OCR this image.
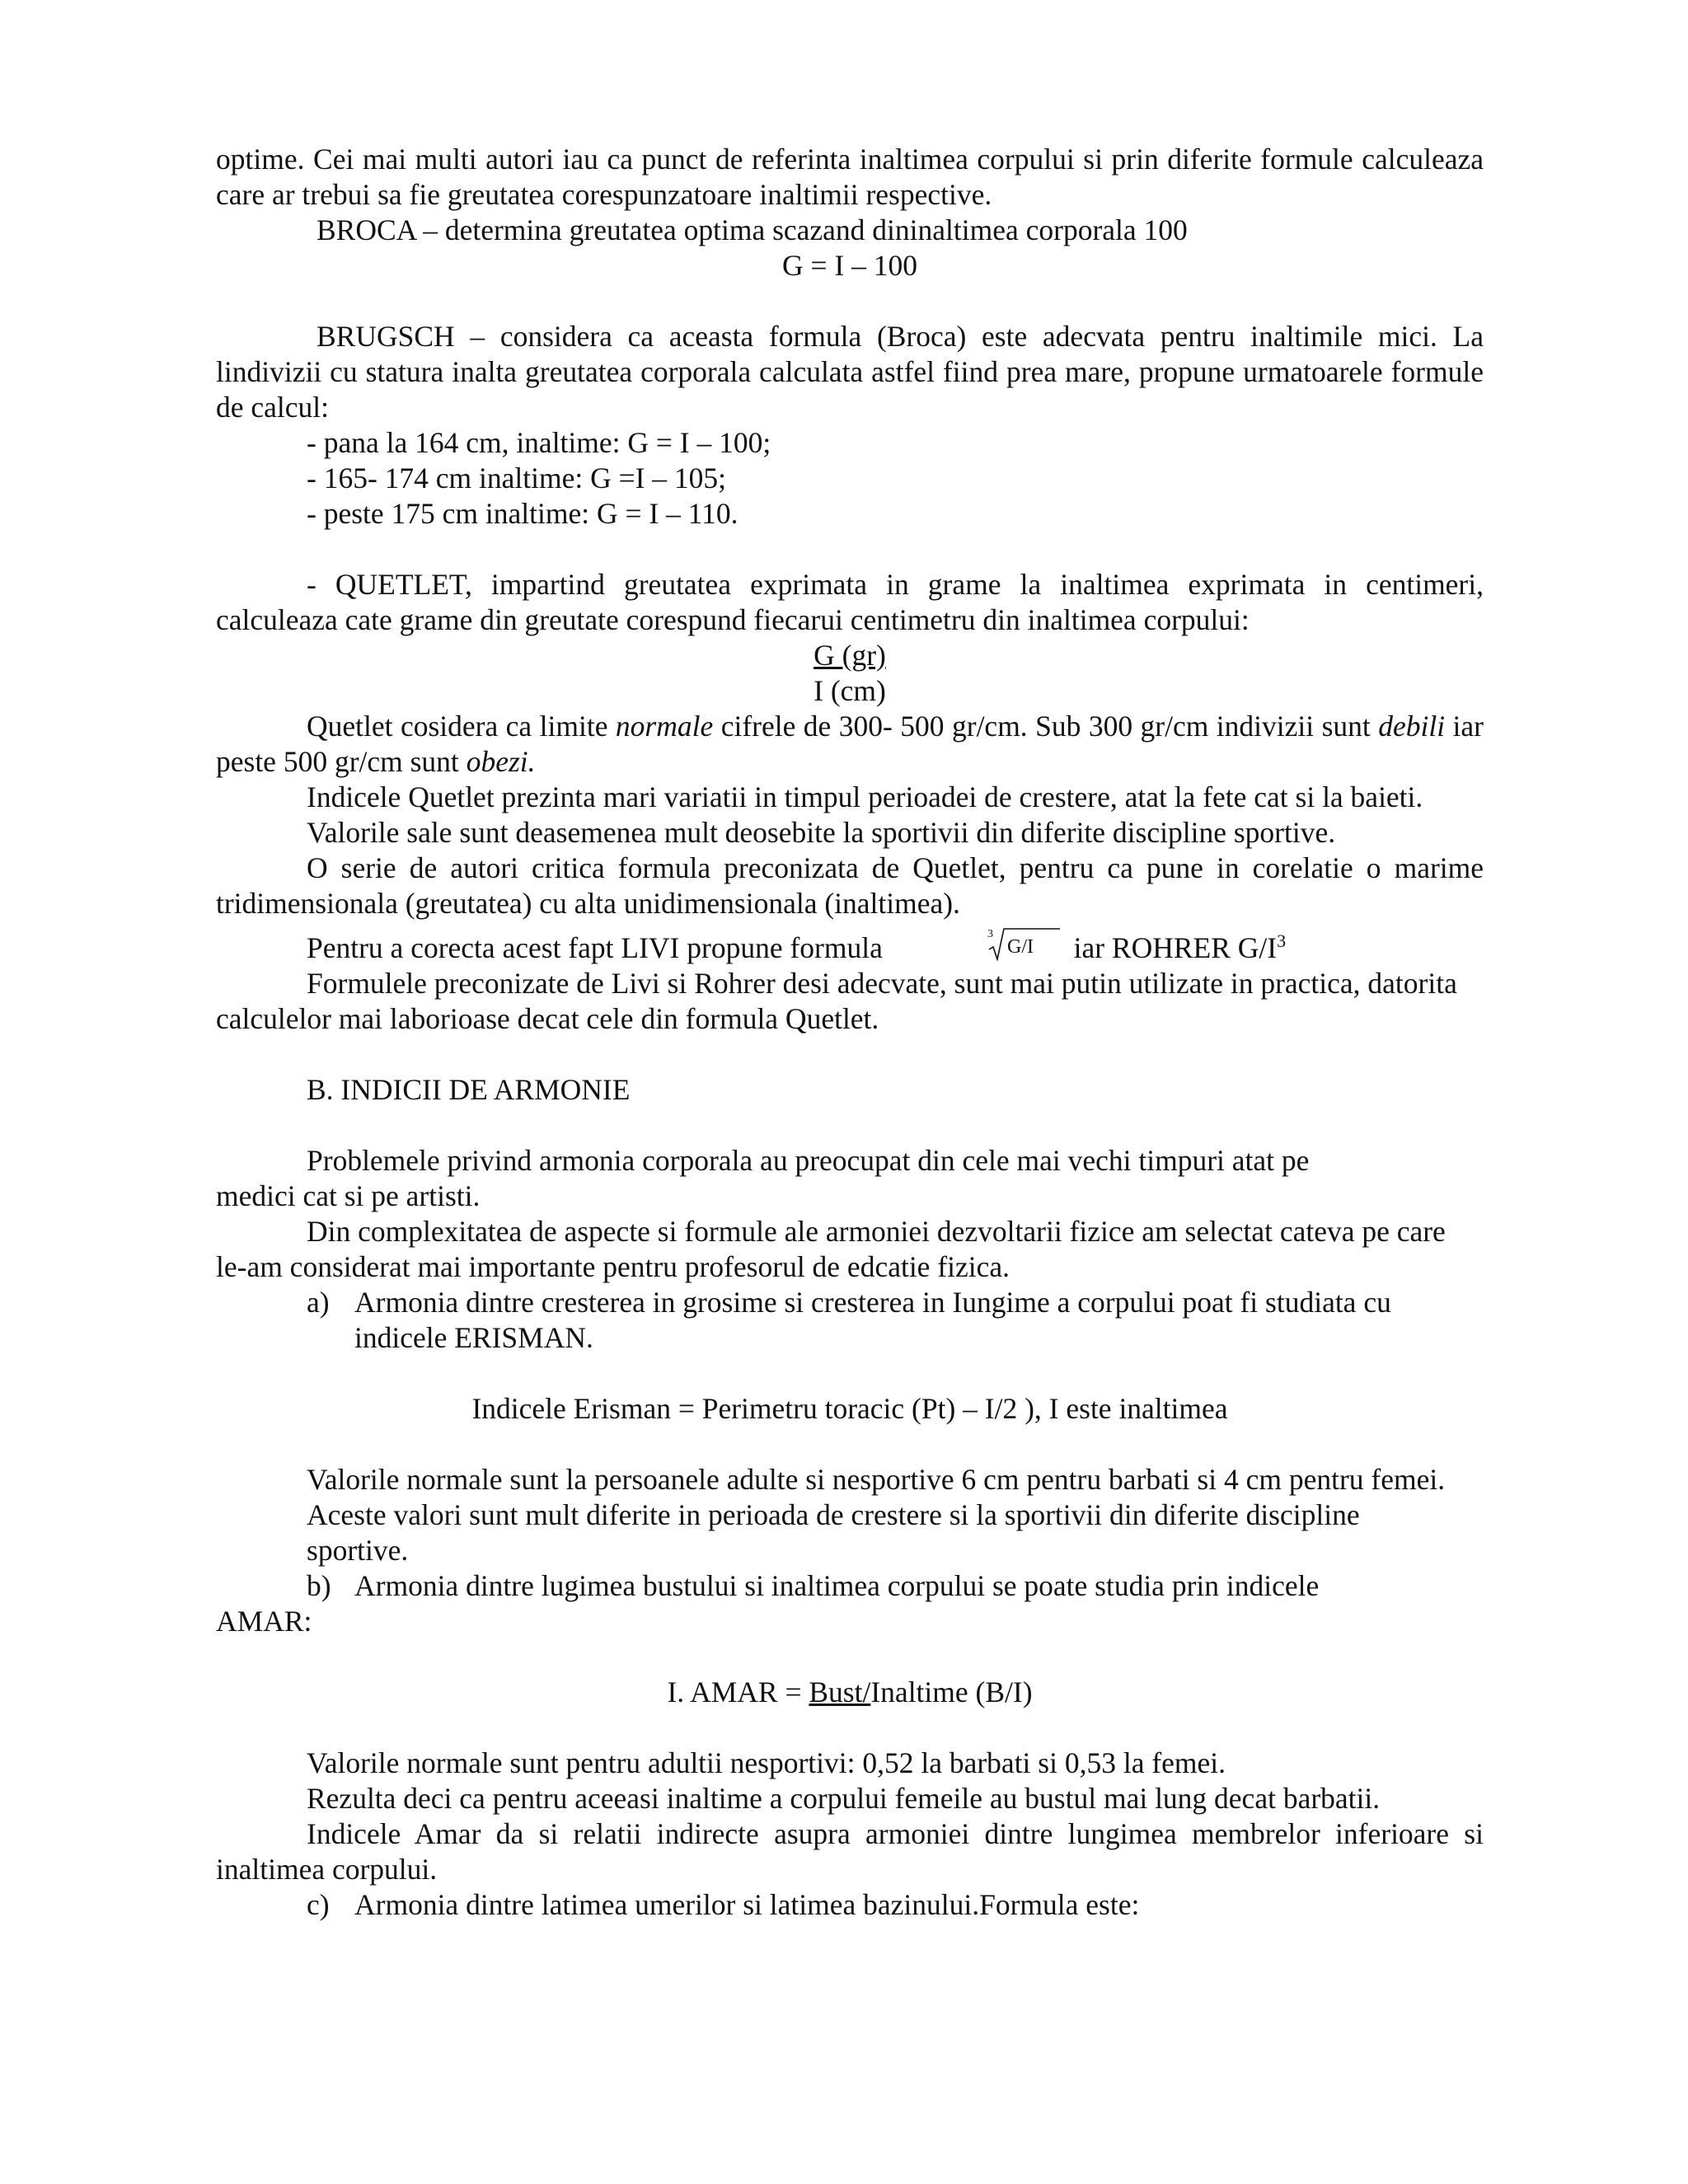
optime. Cei mai multi autori iau ca punct de referinta inaltimea corpului si prin diferite formule calculeaza care ar trebui sa fie greutatea corespunzatoare inaltimii respective.

BROCA – determina greutatea optima scazand dininaltimea corporala 100

G = I – 100

BRUGSCH – considera ca aceasta formula (Broca) este adecvata pentru inaltimile mici. La lindivizii cu statura inalta greutatea corporala calculata astfel fiind prea mare, propune urmatoarele formule de calcul:

- pana la 164 cm, inaltime: G = I – 100;

- 165- 174 cm inaltime: G =I – 105;

- peste 175 cm inaltime: G = I – 110.

- QUETLET, impartind greutatea exprimata in grame la inaltimea exprimata in centimeri, calculeaza cate grame din greutate corespund fiecarui centimetru din inaltimea corpului:

G (gr)

I (cm)

Quetlet cosidera ca limite normale cifrele de 300- 500 gr/cm. Sub 300 gr/cm indivizii sunt debili iar peste 500 gr/cm sunt obezi.

Indicele Quetlet prezinta mari variatii in timpul perioadei de crestere, atat la fete cat si la baieti.

Valorile sale sunt deasemenea mult deosebite la sportivii din diferite discipline sportive.

O serie de autori critica formula preconizata de Quetlet, pentru ca pune in corelatie o marime tridimensionala (greutatea) cu alta unidimensionala (inaltimea).

Pentru a corecta acest fapt LIVI propune formula	3
G/I iar ROHRER $G/I^3$

Formulele preconizate de Livi si Rohrer desi adecvate, sunt mai putin utilizate in practica, datorita calculelor mai laborioase decat cele din formula Quetlet.

B. INDICII DE ARMONIE

Problemele privind armonia corporala au preocupat din cele mai vechi timpuri atat pe medici cat si pe artisti.

Din complexitatea de aspecte si formule ale armoniei dezvoltarii fizice am selectat cateva pe care le-am considerat mai importante pentru profesorul de edcatie fizica.

a) Armonia dintre cresterea in grosime si cresterea in Iungime a corpului poat fi studiata cu indicele ERISMAN.

Indicele Erisman = Perimetru toracic (Pt) – I/2 ), I este inaltimea

Valorile normale sunt la persoanele adulte si nesportive 6 cm pentru barbati si 4 cm pentru femei. Aceste valori sunt mult diferite in perioada de crestere si la sportivii din diferite discipline sportive.

b) Armonia dintre lugimea bustului si inaltimea corpului se poate studia prin indicele

AMAR:

I. AMAR = Bust/Inaltime (B/I)

Valorile normale sunt pentru adultii nesportivi: 0,52 la barbati si 0,53 la femei.

Rezulta deci ca pentru aceeasi inaltime a corpului femeile au bustul mai lung decat barbatii.

Indicele Amar da si relatii indirecte asupra armoniei dintre lungimea membrelor inferioare si inaltimea corpului.

c) Armonia dintre latimea umerilor si latimea bazinului.Formula este:
